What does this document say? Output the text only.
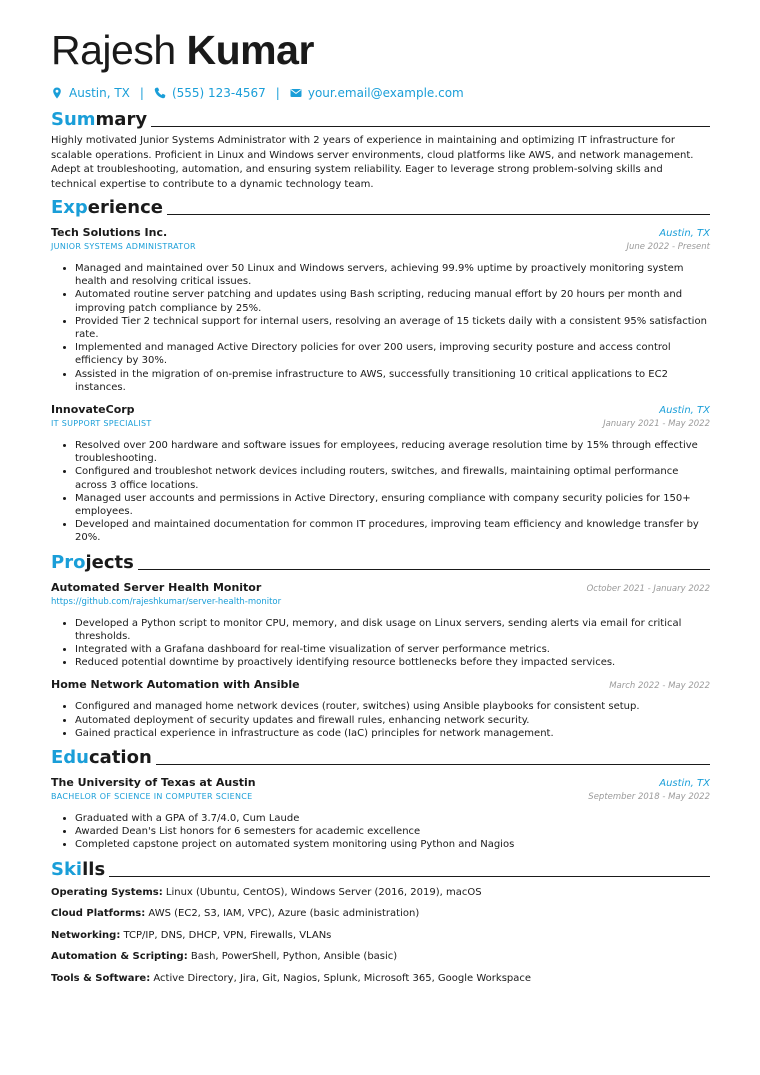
Rajesh Kumar
Austin, TX | (555) 123-4567 | your.email@example.com
Summary
Highly motivated Junior Systems Administrator with 2 years of experience in maintaining and optimizing IT infrastructure for scalable operations. Proficient in Linux and Windows server environments, cloud platforms like AWS, and network management. Adept at troubleshooting, automation, and ensuring system reliability. Eager to leverage strong problem-solving skills and technical expertise to contribute to a dynamic technology team.
Experience
Tech Solutions Inc.	Austin, TX
JUNIOR SYSTEMS ADMINISTRATOR	June 2022 - Present
• Managed and maintained over 50 Linux and Windows servers, achieving 99.9% uptime by proactively monitoring system health and resolving critical issues.
• Automated routine server patching and updates using Bash scripting, reducing manual effort by 20 hours per month and improving patch compliance by 25%.
• Provided Tier 2 technical support for internal users, resolving an average of 15 tickets daily with a consistent 95% satisfaction rate.
• Implemented and managed Active Directory policies for over 200 users, improving security posture and access control efficiency by 30%.
• Assisted in the migration of on-premise infrastructure to AWS, successfully transitioning 10 critical applications to EC2 instances.
InnovateCorp	Austin, TX
IT SUPPORT SPECIALIST	January 2021 - May 2022
• Resolved over 200 hardware and software issues for employees, reducing average resolution time by 15% through effective troubleshooting.
• Configured and troubleshot network devices including routers, switches, and firewalls, maintaining optimal performance across 3 office locations.
• Managed user accounts and permissions in Active Directory, ensuring compliance with company security policies for 150+ employees.
• Developed and maintained documentation for common IT procedures, improving team efficiency and knowledge transfer by 20%.
Projects
Automated Server Health Monitor	October 2021 - January 2022
https://github.com/rajeshkumar/server-health-monitor
• Developed a Python script to monitor CPU, memory, and disk usage on Linux servers, sending alerts via email for critical thresholds.
• Integrated with a Grafana dashboard for real-time visualization of server performance metrics.
• Reduced potential downtime by proactively identifying resource bottlenecks before they impacted services.
Home Network Automation with Ansible	March 2022 - May 2022
• Configured and managed home network devices (router, switches) using Ansible playbooks for consistent setup.
• Automated deployment of security updates and firewall rules, enhancing network security.
• Gained practical experience in infrastructure as code (IaC) principles for network management.
Education
The University of Texas at Austin	Austin, TX
BACHELOR OF SCIENCE IN COMPUTER SCIENCE	September 2018 - May 2022
• Graduated with a GPA of 3.7/4.0, Cum Laude
• Awarded Dean's List honors for 6 semesters for academic excellence
• Completed capstone project on automated system monitoring using Python and Nagios
Skills
Operating Systems: Linux (Ubuntu, CentOS), Windows Server (2016, 2019), macOS
Cloud Platforms: AWS (EC2, S3, IAM, VPC), Azure (basic administration)
Networking: TCP/IP, DNS, DHCP, VPN, Firewalls, VLANs
Automation & Scripting: Bash, PowerShell, Python, Ansible (basic)
Tools & Software: Active Directory, Jira, Git, Nagios, Splunk, Microsoft 365, Google Workspace
